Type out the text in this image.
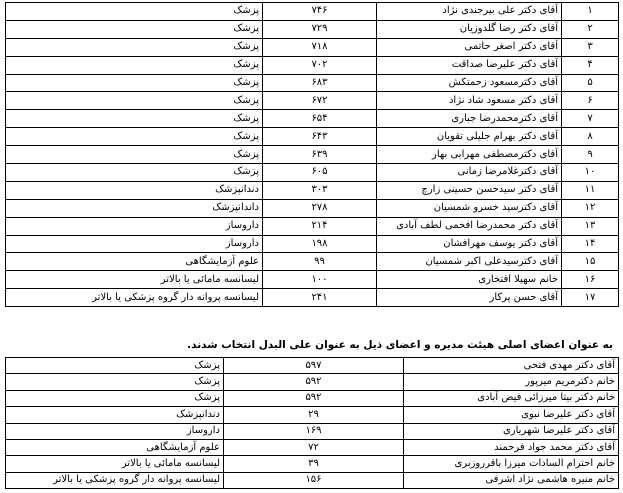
۱	آقای دکتر علی بیرجندی نژاد	۷۴۶	پزشک
۲	آقای دکتر رضا گلدوزیان	۷۲۹	پزشک
۳	آقای دکتر اصغر حاتمی	۷۱۸	پزشک
۴	آقای دکتر علیرضا صداقت	۷۰۲	پزشک
۵	آقای دکترمسعود زحمتکش	۶۸۳	پزشک
۶	آقای دکتر مسعود شاد نژاد	۶۷۲	پزشک
۷	آقای دکترمحمدرضا جباری	۶۵۴	پزشک
۸	آقای دکتر بهرام جلیلی تقویان	۶۴۳	پزشک
۹	آقای دکترمصطفی مهرابی بهار	۶۳۹	پزشک
۱۰	آقای دکترغلامرضا زمانی	۶۰۵	پزشک
۱۱	آقای دکتر سیدحسن حسینی زارچ	۳۰۳	دندانپزشک
۱۲	آقای دکترسید خسرو شمسیان	۲۷۸	داندانپزشک
۱۳	آقای دکتر محمدرضا افخمی لطف آبادی	۲۱۴	داروساز
۱۴	آقای دکتر یوسف مهرافشان	۱۹۸	داروساز
۱۵	آقای دکترسیدعلی اکبر شمسیان	۹۹	علوم آزمایشگاهی
۱۶	خانم سهیلا افتخاری	۱۰۰	لیسانسه مامائی یا بالاتر
۱۷	آقای حسن پرکار	۲۴۱	لیسانسه پروانه دار گروه پزشکی یا بالاتر
به عنوان اعضای اصلی هیئت مدیره و اعضای ذیل به عنوان علی البدل انتخاب شدند.
آقای دکتر مهدی فتحی	۵۹۷	پزشک
خانم دکترمریم میرپور	۵۹۲	پزشک
خانم دکتر بیتا میرزائی فیض آبادی	۵۹۲	پزشک
آقای دکتر علیرضا نبوی	۲۹	دندانپزشک
آقای دکتر علیرضا شهریاری	۱۶۹	داروساز
آقای دکتر محمد جواد فرحمند	۷۲	علوم آزمایشگاهی
خانم احترام السادات میرزا باقرروزبری	۳۹	لیسانسه مامائی یا بالاتر
خانم منیره هاشمی نژاد اشرفی	۱۵۶	لیسانسه پروانه دار گروه پزشکی یا بالاتر
